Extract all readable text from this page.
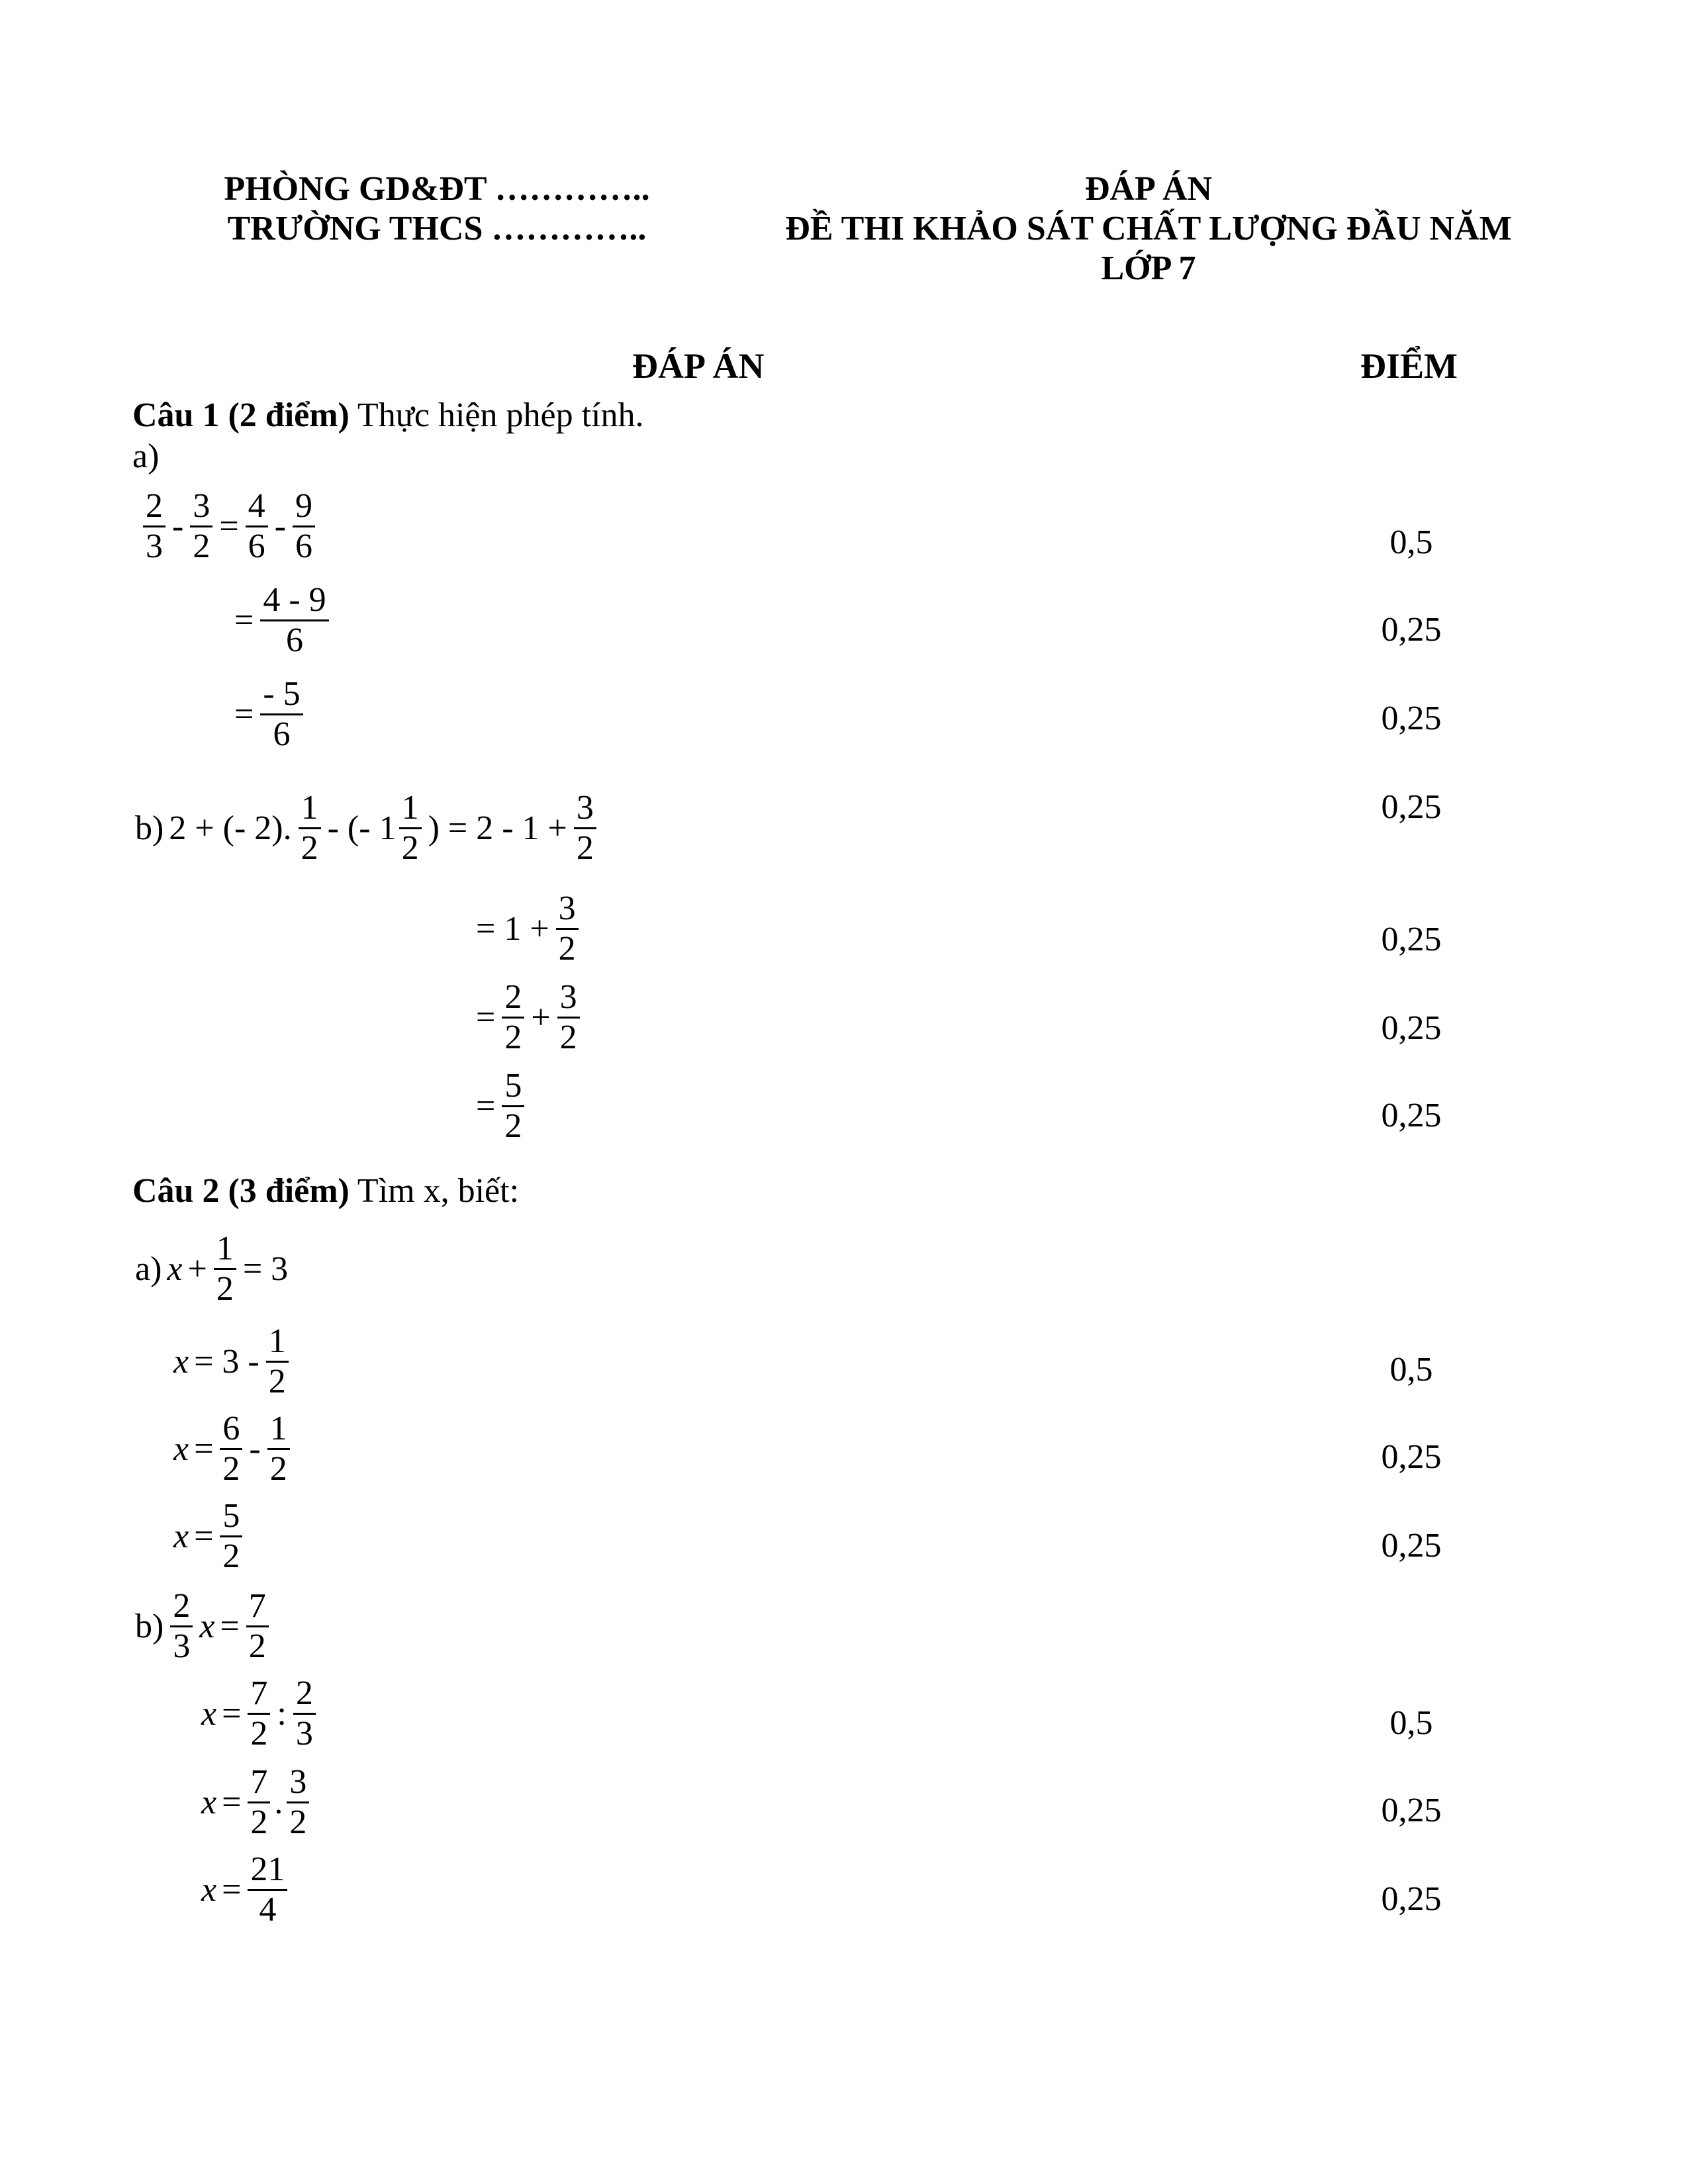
PHÒNG GD&ĐT …………..
TRƯỜNG THCS …………..
ĐÁP ÁN
ĐỀ THI KHẢO SÁT CHẤT LƯỢNG ĐẦU NĂM
LỚP 7
ĐÁP ÁN	ĐIỂM
Câu 1 (2 điểm) Thực hiện phép tính.
a)
2
3
- $\frac{3}{2} = \frac{4}{6}$ -
9
6
= $\frac{4 - 9}{6}$
= $\frac{- 5}{6}$
b) 2 + (- 2).
1
2
- (- 1
1
2
) = $2 - 1 + \frac{3}{2}$
= $1 + \frac{3}{2}$
= $\frac{2}{2} + \frac{3}{2}$
= $\frac{5}{2}$
Câu 2 (3 điểm) Tìm x, biết:
a) $x + \frac{1}{2} = 3$
x = 3 -
1
2
$x = \frac{6}{2}$ -
1
2
$x = \frac{5}{2}$
b)
2
3
$x = \frac{7}{2}$
$x = \frac{7}{2}$ :
2
3
$x = \frac{7}{2}$ .
3
2
$x = \frac{21}{4}$
0,5
0,25
0,25
0,25
0,25
0,25
0,25
0,5
0,25
0,25
0,5
0,25
0,25
